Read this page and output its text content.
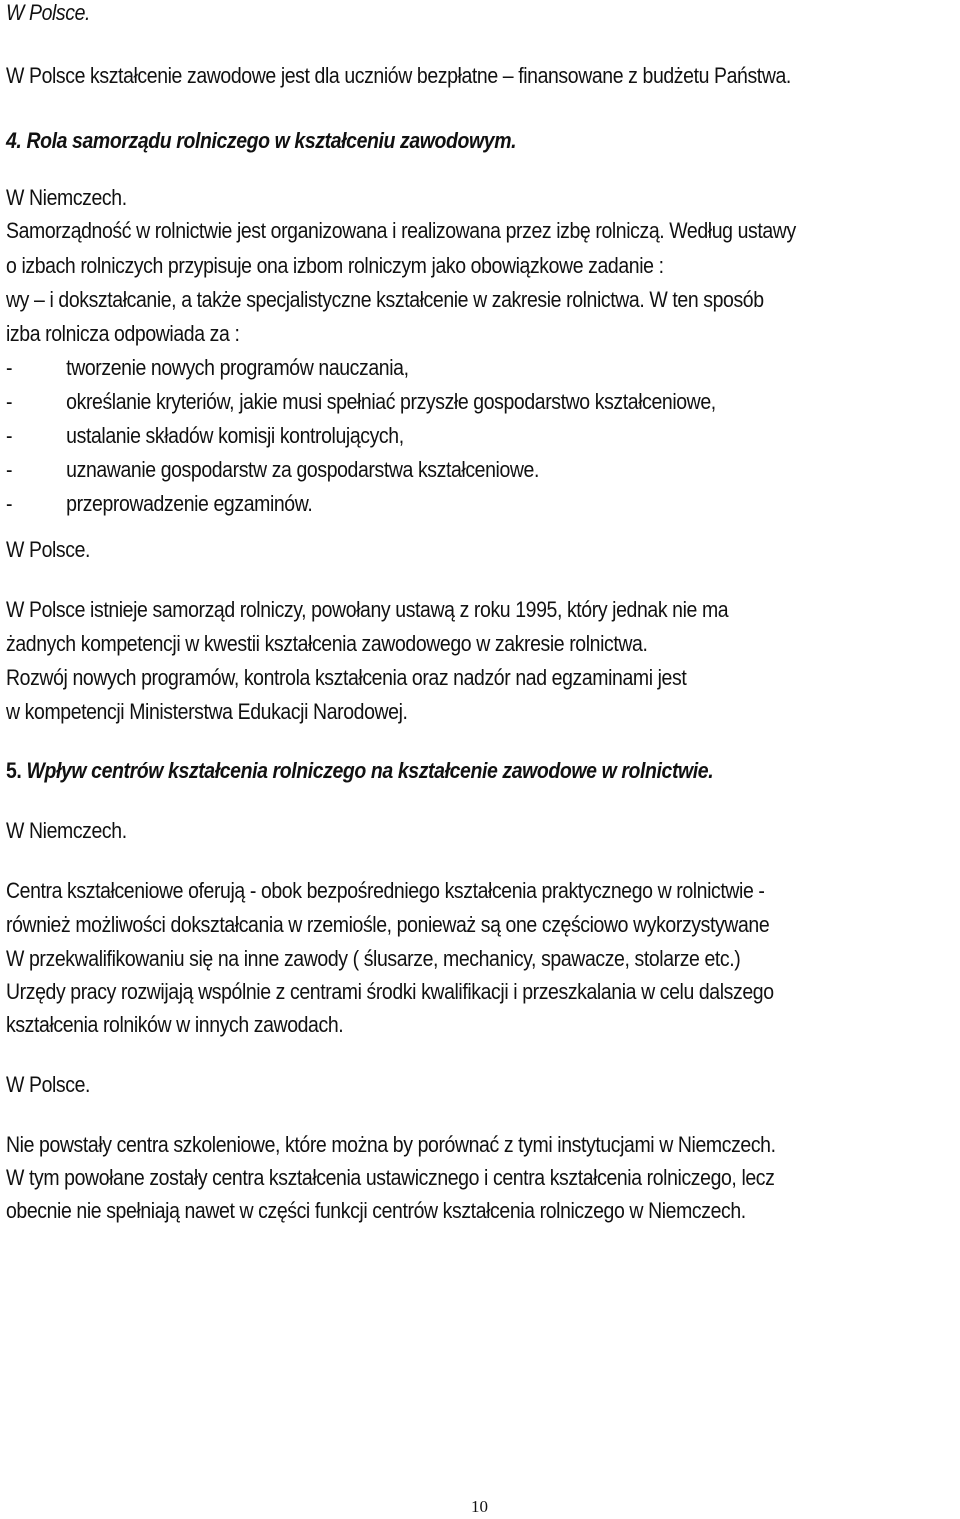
W Polsce.
W Polsce kształcenie zawodowe jest dla uczniów bezpłatne – finansowane z budżetu Państwa.
4. Rola samorządu rolniczego w kształceniu zawodowym.
W Niemczech.
Samorządność w rolnictwie jest organizowana i realizowana przez izbę rolniczą. Według ustawy
o izbach rolniczych przypisuje ona izbom rolniczym jako obowiązkowe zadanie :
wy – i dokształcanie, a także specjalistyczne kształcenie w zakresie rolnictwa. W ten sposób
izba rolnicza odpowiada za :
- tworzenie nowych programów nauczania,
- określanie kryteriów, jakie musi spełniać przyszłe gospodarstwo kształceniowe,
- ustalanie składów komisji kontrolujących,
- uznawanie gospodarstw za gospodarstwa kształceniowe.
- przeprowadzenie egzaminów.
W Polsce.
W Polsce istnieje samorząd rolniczy, powołany ustawą z roku 1995, który jednak nie ma
żadnych kompetencji w kwestii kształcenia zawodowego w zakresie rolnictwa.
Rozwój nowych programów, kontrola kształcenia oraz nadzór nad egzaminami jest
w kompetencji Ministerstwa Edukacji Narodowej.
5. Wpływ centrów kształcenia rolniczego na kształcenie zawodowe w rolnictwie.
W Niemczech.
Centra kształceniowe oferują - obok bezpośredniego kształcenia praktycznego w rolnictwie -
również możliwości dokształcania w rzemiośle, ponieważ są one częściowo wykorzystywane
W przekwalifikowaniu się na inne zawody ( ślusarze, mechanicy, spawacze, stolarze etc.)
Urzędy pracy rozwijają wspólnie z centrami środki kwalifikacji i przeszkalania w celu dalszego
kształcenia rolników w innych zawodach.
W Polsce.
Nie powstały centra szkoleniowe, które można by porównać z tymi instytucjami w Niemczech.
W tym powołane zostały centra kształcenia ustawicznego i centra kształcenia rolniczego, lecz
obecnie nie spełniają nawet w części funkcji centrów kształcenia rolniczego w Niemczech.
10
